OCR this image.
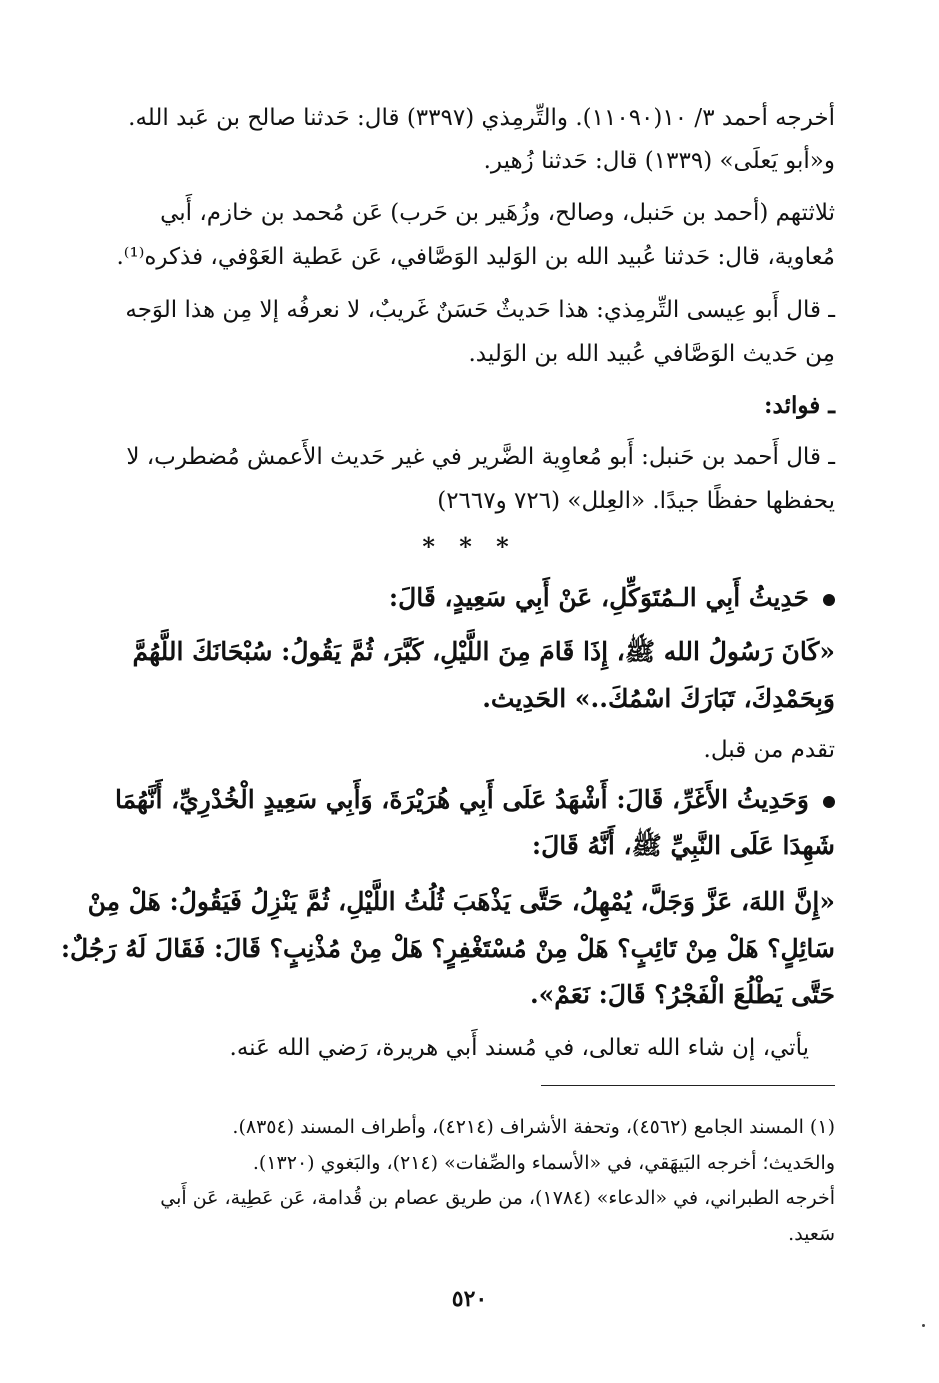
أخرجه أحمد ٣/ ١٠(١١٠٩٠). والتِّرمِذي (٣٣٩٧) قال: حَدثنا صالح بن عَبد الله.
و«أبو يَعلَى» (١٣٣٩) قال: حَدثنا زُهير.
ثلاثتهم (أحمد بن حَنبل، وصالح، وزُهَير بن حَرب) عَن مُحمد بن خازم، أَبي
مُعاوية، قال: حَدثنا عُبيد الله بن الوَليد الوَصَّافي، عَن عَطية العَوْفي، فذكره⁽¹⁾.
ـ قال أَبو عِيسى التِّرمِذي: هذا حَديثٌ حَسَنٌ غَريبٌ، لا نعرفُه إلا مِن هذا الوَجه
مِن حَديث الوَصَّافي عُبيد الله بن الوَليد.
ـ فوائد:
ـ قال أَحمد بن حَنبل: أَبو مُعاوِية الضَّرير في غير حَديث الأَعمش مُضطرب، لا
يحفظها حفظًا جيدًا. «العِلل» (٧٢٦ و٢٦٦٧)
* * *
حَدِيثُ أَبِي الـمُتَوَكِّلِ، عَنْ أَبِي سَعِيدٍ، قَالَ:
«كَانَ رَسُولُ الله ﷺ، إِذَا قَامَ مِنَ اللَّيْلِ، كَبَّرَ، ثُمَّ يَقُولُ: سُبْحَانَكَ اللَّهُمَّ
وَبِحَمْدِكَ، تَبَارَكَ اسْمُكَ..» الحَدِيث.
تقدم من قبل.
وَحَدِيثُ الأَغَرِّ، قَالَ: أَشْهَدُ عَلَى أَبِي هُرَيْرَةَ، وَأَبِي سَعِيدٍ الْخُدْرِيِّ، أَنَّهُمَا
شَهِدَا عَلَى النَّبِيِّ ﷺ، أَنَّهُ قَالَ:
«إِنَّ اللهَ، عَزَّ وَجَلَّ، يُمْهِلُ، حَتَّى يَذْهَبَ ثُلُثُ اللَّيْلِ، ثُمَّ يَنْزِلُ فَيَقُولُ: هَلْ مِنْ
سَائِلٍ؟ هَلْ مِنْ تَائِبٍ؟ هَلْ مِنْ مُسْتَغْفِرٍ؟ هَلْ مِنْ مُذْنِبٍ؟ قَالَ: فَقَالَ لَهُ رَجُلٌ:
حَتَّى يَطْلُعَ الْفَجْرُ؟ قَالَ: نَعَمْ».
يأتي، إن شاء الله تعالى، في مُسند أَبي هريرة، رَضي الله عَنه.
(١) المسند الجامع (٤٥٦٢)، وتحفة الأشراف (٤٢١٤)، وأطراف المسند (٨٣٥٤).
والحَديث؛ أخرجه البَيهَقي، في «الأسماء والصِّفات» (٢١٤)، والبَغوي (١٣٢٠).
أخرجه الطبراني، في «الدعاء» (١٧٨٤)، من طريق عصام بن قُدامة، عَن عَطِية، عَن أَبي
سَعيد.
٥٢٠
